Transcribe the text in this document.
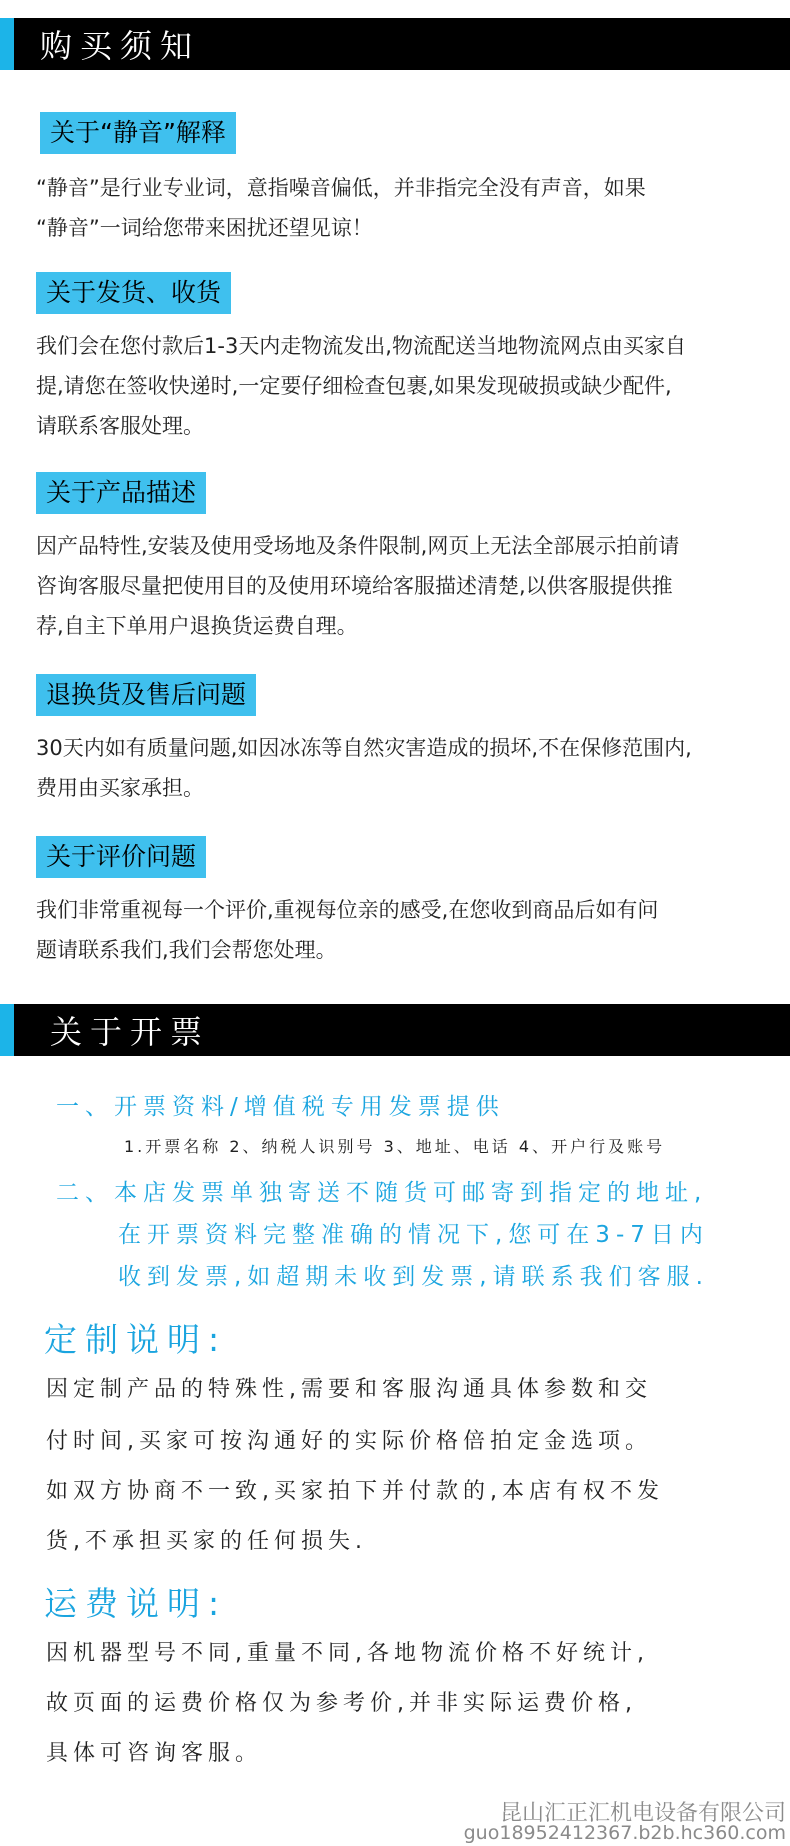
购买须知
关于“静音”解释
“静音”是行业专业词，意指噪音偏低，并非指完全没有声音，如果
“静音”一词给您带来困扰还望见谅！
关于发货、收货
我们会在您付款后1-3天内走物流发出,物流配送当地物流网点由买家自
提,请您在签收快递时,一定要仔细检查包裹,如果发现破损或缺少配件,
请联系客服处理。
关于产品描述
因产品特性,安装及使用受场地及条件限制,网页上无法全部展示拍前请
咨询客服尽量把使用目的及使用环境给客服描述清楚,以供客服提供推
荐,自主下单用户退换货运费自理。
退换货及售后问题
30天内如有质量问题,如因冰冻等自然灾害造成的损坏,不在保修范围内,
费用由买家承担。
关于评价问题
我们非常重视每一个评价,重视每位亲的感受,在您收到商品后如有问
题请联系我们,我们会帮您处理。
关于开票
一、开票资料/增值税专用发票提供
1.开票名称 2、纳税人识别号 3、地址、电话 4、开户行及账号
二、本店发票单独寄送不随货可邮寄到指定的地址,
在开票资料完整准确的情况下,您可在3-7日内
收到发票,如超期未收到发票,请联系我们客服.
定制说明:
因定制产品的特殊性,需要和客服沟通具体参数和交
付时间,买家可按沟通好的实际价格倍拍定金选项。
如双方协商不一致,买家拍下并付款的,本店有权不发
货,不承担买家的任何损失.
运费说明:
因机器型号不同,重量不同,各地物流价格不好统计,
故页面的运费价格仅为参考价,并非实际运费价格,
具体可咨询客服。
昆山汇正汇机电设备有限公司
guo18952412367.b2b.hc360.com
